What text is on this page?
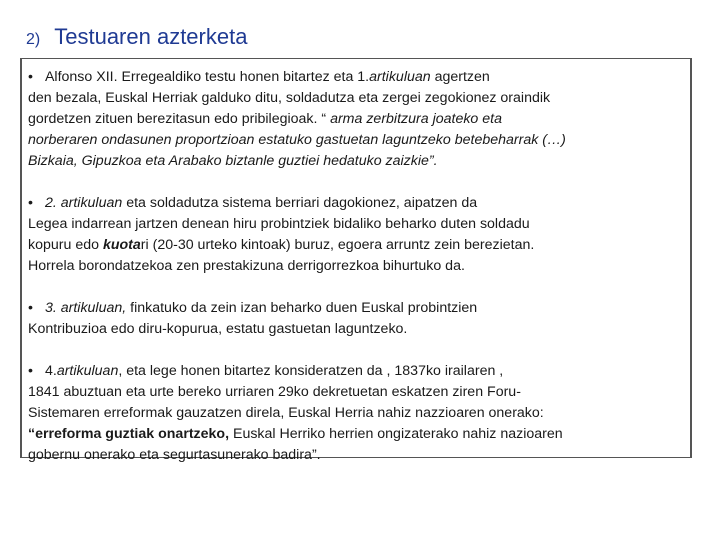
2) Testuaren azterketa

• Alfonso XII. Erregealdiko testu honen bitartez eta 1.artikuluan agertzen

den bezala, Euskal Herriak galduko ditu, soldadutza eta zergei zegokionez oraindik

gordetzen zituen berezitasun edo pribilegioak. “ arma zerbitzura joateko eta

norberaren ondasunen proportzioan estatuko gastuetan laguntzeko betebeharrak (…)

Bizkaia, Gipuzkoa eta Arabako biztanle guztiei hedatuko zaizkie”.

• 2. artikuluan eta soldadutza sistema berriari dagokionez, aipatzen da

Legea indarrean jartzen denean hiru probintziek bidaliko beharko duten soldadu

kopuru edo kuotari (20-30 urteko kintoak) buruz, egoera arruntz zein berezietan.

Horrela borondatzekoa zen prestakizuna derrigorrezkoa bihurtuko da.

• 3. artikuluan, finkatuko da zein izan beharko duen Euskal probintzien

Kontribuzioa edo diru-kopurua, estatu gastuetan laguntzeko.

• 4.artikuluan, eta lege honen bitartez konsideratzen da , 1837ko irailaren ,

1841 abuztuan eta urte bereko urriaren 29ko dekretuetan eskatzen ziren Foru-

Sistemaren erreformak gauzatzen direla, Euskal Herria nahiz nazzioaren onerako:

“erreforma guztiak onartzeko, Euskal Herriko herrien ongizaterako nahiz nazioaren

gobernu onerako eta segurtasunerako badira”.
